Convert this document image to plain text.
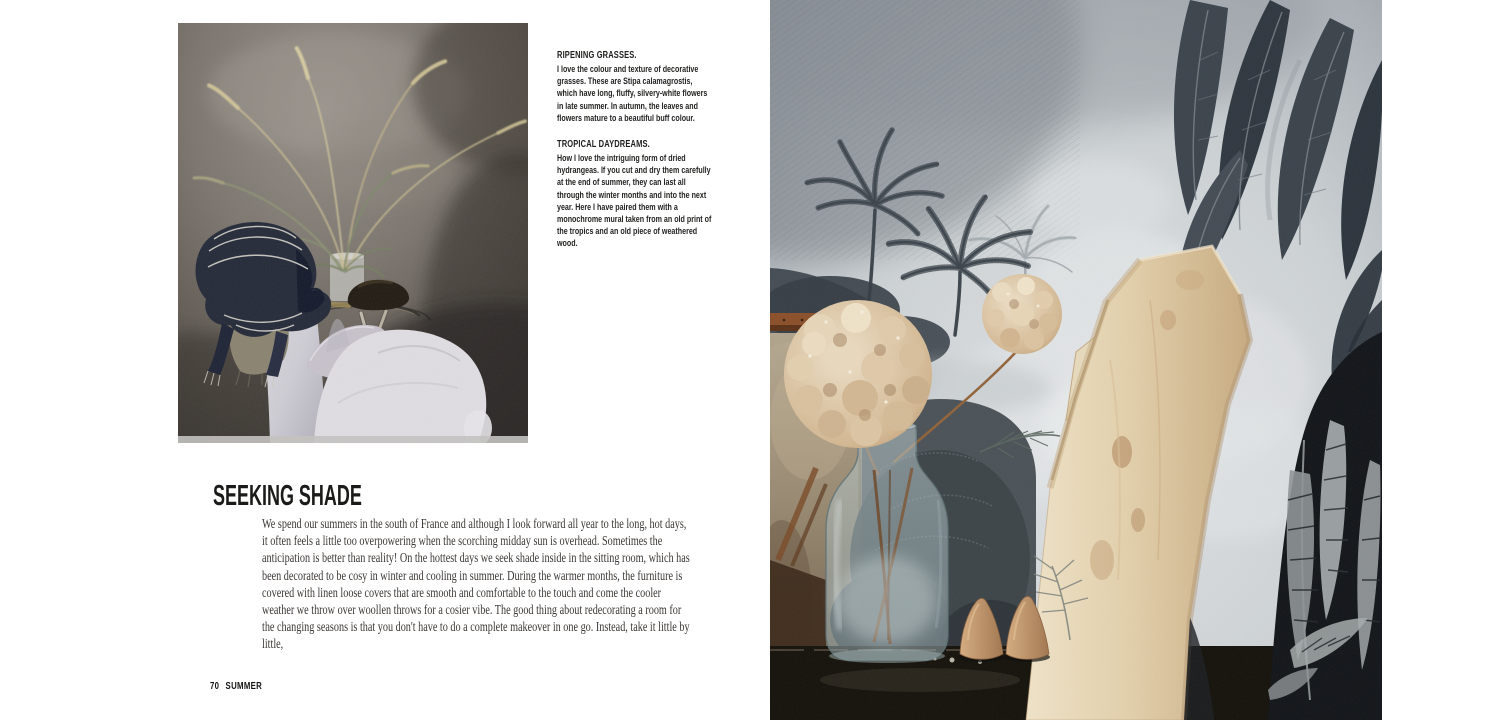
RIPENING GRASSES.

I love the colour and texture of decorative grasses. These are Stipa calamagrostis, which have long, fluffy, silvery-white flowers in late summer. In autumn, the leaves and flowers mature to a beautiful buff colour.

TROPICAL DAYDREAMS.

How I love the intriguing form of dried hydrangeas. If you cut and dry them carefully at the end of summer, they can last all through the winter months and into the next year. Here I have paired them with a monochrome mural taken from an old print of the tropics and an old piece of weathered wood.

SEEKING SHADE

We spend our summers in the south of France and although I look forward all year to the long, hot days, it often feels a little too overpowering when the scorching midday sun is overhead. Sometimes the anticipation is better than reality! On the hottest days we seek shade inside in the sitting room, which has been decorated to be cosy in winter and cooling in summer. During the warmer months, the furniture is covered with linen loose covers that are smooth and comfortable to the touch and come the cooler weather we throw over woollen throws for a cosier vibe. The good thing about redecorating a room for the changing seasons is that you don't have to do a complete makeover in one go. Instead, take it little by little,

70 SUMMER
